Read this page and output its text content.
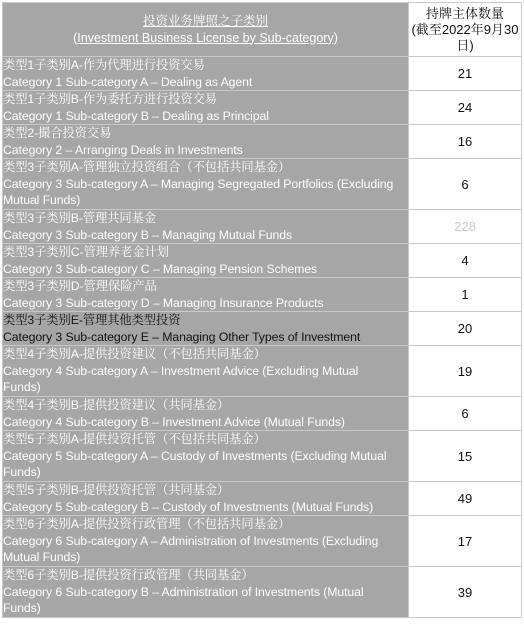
投资业务牌照之子类别
(Investment Business License by Sub-category)	持牌主体数量
(截至2022年9月30
日)

类型1子类别A-作为代理进行投资交易
Category 1 Sub-category A – Dealing as Agent	21

类型1子类别B-作为委托方进行投资交易
Category 1 Sub-category B – Dealing as Principal	24

类型2-撮合投资交易
Category 2 – Arranging Deals in Investments	16

类型3子类别A-管理独立投资组合（不包括共同基金）
Category 3 Sub-category A – Managing Segregated Portfolios (Excluding
Mutual Funds)	6

类型3子类别B-管理共同基金
Category 3 Sub-category B – Managing Mutual Funds	228

类型3子类别C-管理养老金计划
Category 3 Sub-category C – Managing Pension Schemes	4

类型3子类别D-管理保险产品
Category 3 Sub-category D – Managing Insurance Products	1

类型3子类别E-管理其他类型投资
Category 3 Sub-category E – Managing Other Types of Investment	20

类型4子类别A-提供投资建议（不包括共同基金）
Category 4 Sub-category A – Investment Advice (Excluding Mutual
Funds)	19

类型4子类别B-提供投资建议（共同基金）
Category 4 Sub-category B – Investment Advice (Mutual Funds)	6

类型5子类别A-提供投资托管（不包括共同基金）
Category 5 Sub-category A – Custody of Investments (Excluding Mutual
Funds)	15

类型5子类别B-提供投资托管（共同基金）
Category 5 Sub-category B – Custody of Investments (Mutual Funds)	49

类型6子类别A-提供投资行政管理（不包括共同基金）
Category 6 Sub-category A – Administration of Investments (Excluding
Mutual Funds)	17

类型6子类别B-提供投资行政管理（共同基金）
Category 6 Sub-category B – Administration of Investments (Mutual
Funds)	39
